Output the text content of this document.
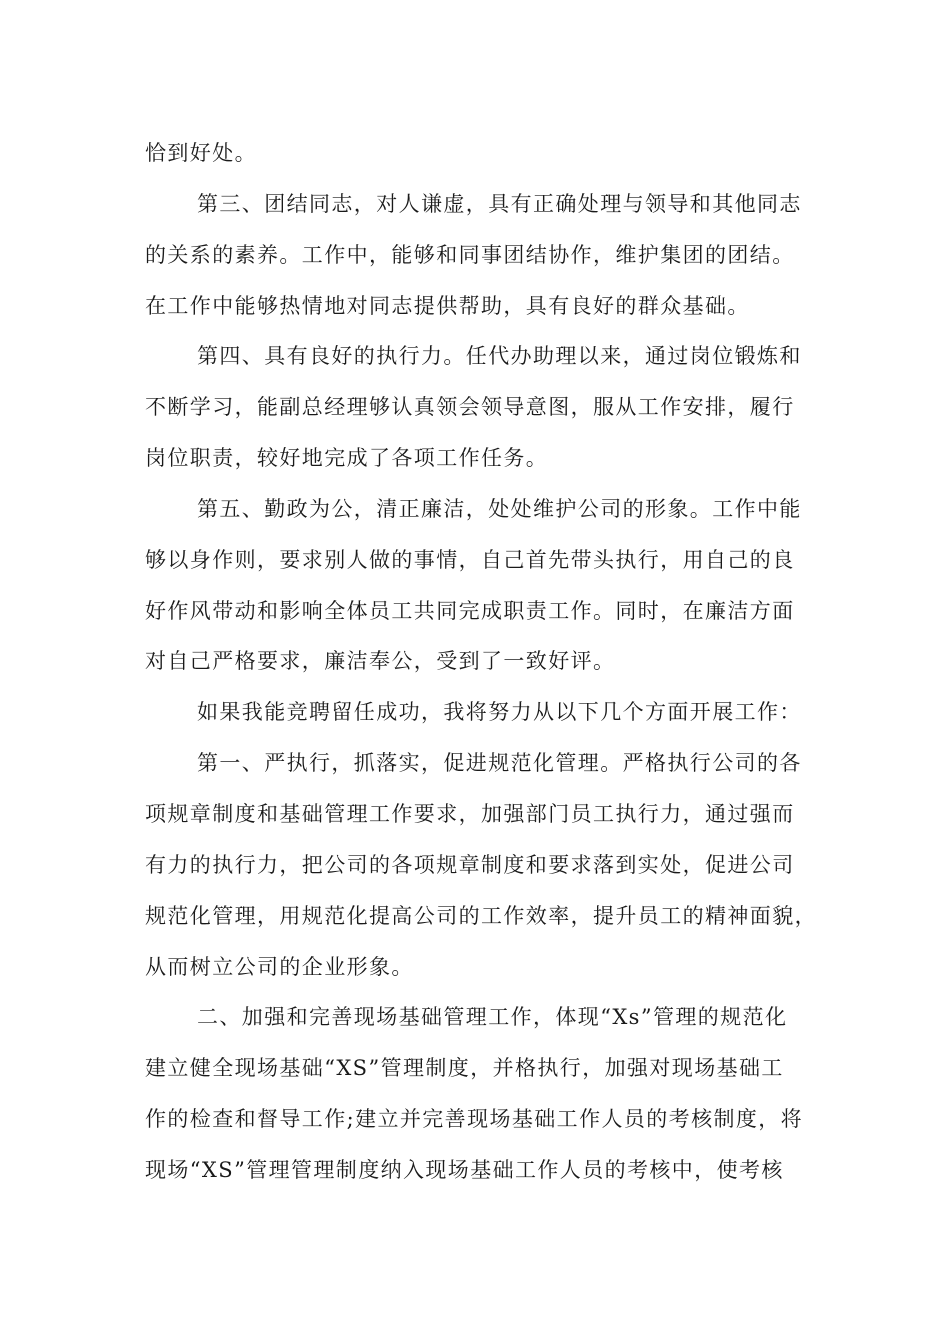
恰到好处。
第三、团结同志，对人谦虚，具有正确处理与领导和其他同志
的关系的素养。工作中，能够和同事团结协作，维护集团的团结。
在工作中能够热情地对同志提供帮助，具有良好的群众基础。
第四、具有良好的执行力。任代办助理以来，通过岗位锻炼和
不断学习，能副总经理够认真领会领导意图，服从工作安排，履行
岗位职责，较好地完成了各项工作任务。
第五、勤政为公，清正廉洁，处处维护公司的形象。工作中能
够以身作则，要求别人做的事情，自己首先带头执行，用自己的良
好作风带动和影响全体员工共同完成职责工作。同时，在廉洁方面
对自己严格要求，廉洁奉公，受到了一致好评。
如果我能竞聘留任成功，我将努力从以下几个方面开展工作：
第一、严执行，抓落实，促进规范化管理。严格执行公司的各
项规章制度和基础管理工作要求，加强部门员工执行力，通过强而
有力的执行力，把公司的各项规章制度和要求落到实处，促进公司
规范化管理，用规范化提高公司的工作效率，提升员工的精神面貌，
从而树立公司的企业形象。
二、加强和完善现场基础管理工作，体现“Xs”管理的规范化
建立健全现场基础“XS”管理制度，并格执行，加强对现场基础工
作的检查和督导工作;建立并完善现场基础工作人员的考核制度，将
现场“XS”管理管理制度纳入现场基础工作人员的考核中，使考核
